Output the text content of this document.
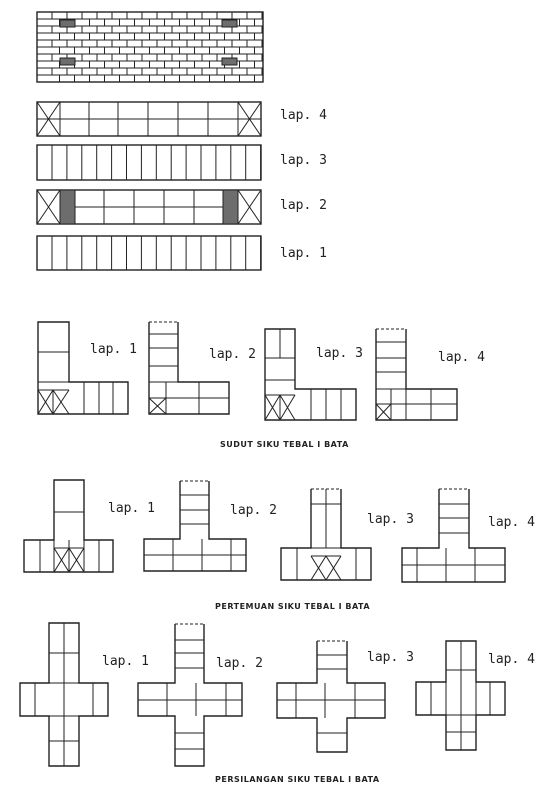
lap. 4
lap. 3
lap. 2
lap. 1
lap. 1	lap. 2	lap. 3	lap. 4
SUDUT SIKU TEBAL I BATA
lap. 1	lap. 2
lap. 3	lap. 4
PERTEMUAN SIKU TEBAL I BATA
lap. 1	lap. 2	lap. 3	lap. 4
PERSILANGAN SIKU TEBAL I BATA
